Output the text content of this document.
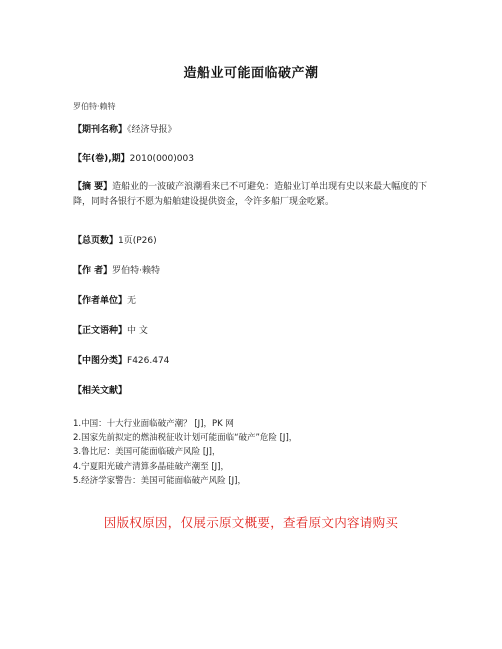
造船业可能面临破产潮
罗伯特·赖特
【期刊名称】《经济导报》
【年(卷),期】2010(000)003
【摘 要】造船业的一波破产浪潮看来已不可避免：造船业订单出现有史以来最大幅度的下降，同时各银行不愿为船舶建设提供资金，令许多船厂现金吃紧。
【总页数】1页(P26)
【作 者】罗伯特·赖特
【作者单位】无
【正文语种】中 文
【中图分类】F426.474
【相关文献】
1.中国：十大行业面临破产潮？ [J]，PK 网
2.国家先前拟定的燃油税征收计划可能面临“破产”危险 [J]，
3.鲁比尼：美国可能面临破产风险 [J]，
4.宁夏阳光破产清算多晶硅破产潮至 [J]，
5.经济学家警告：美国可能面临破产风险 [J]，
因版权原因，仅展示原文概要，查看原文内容请购买
